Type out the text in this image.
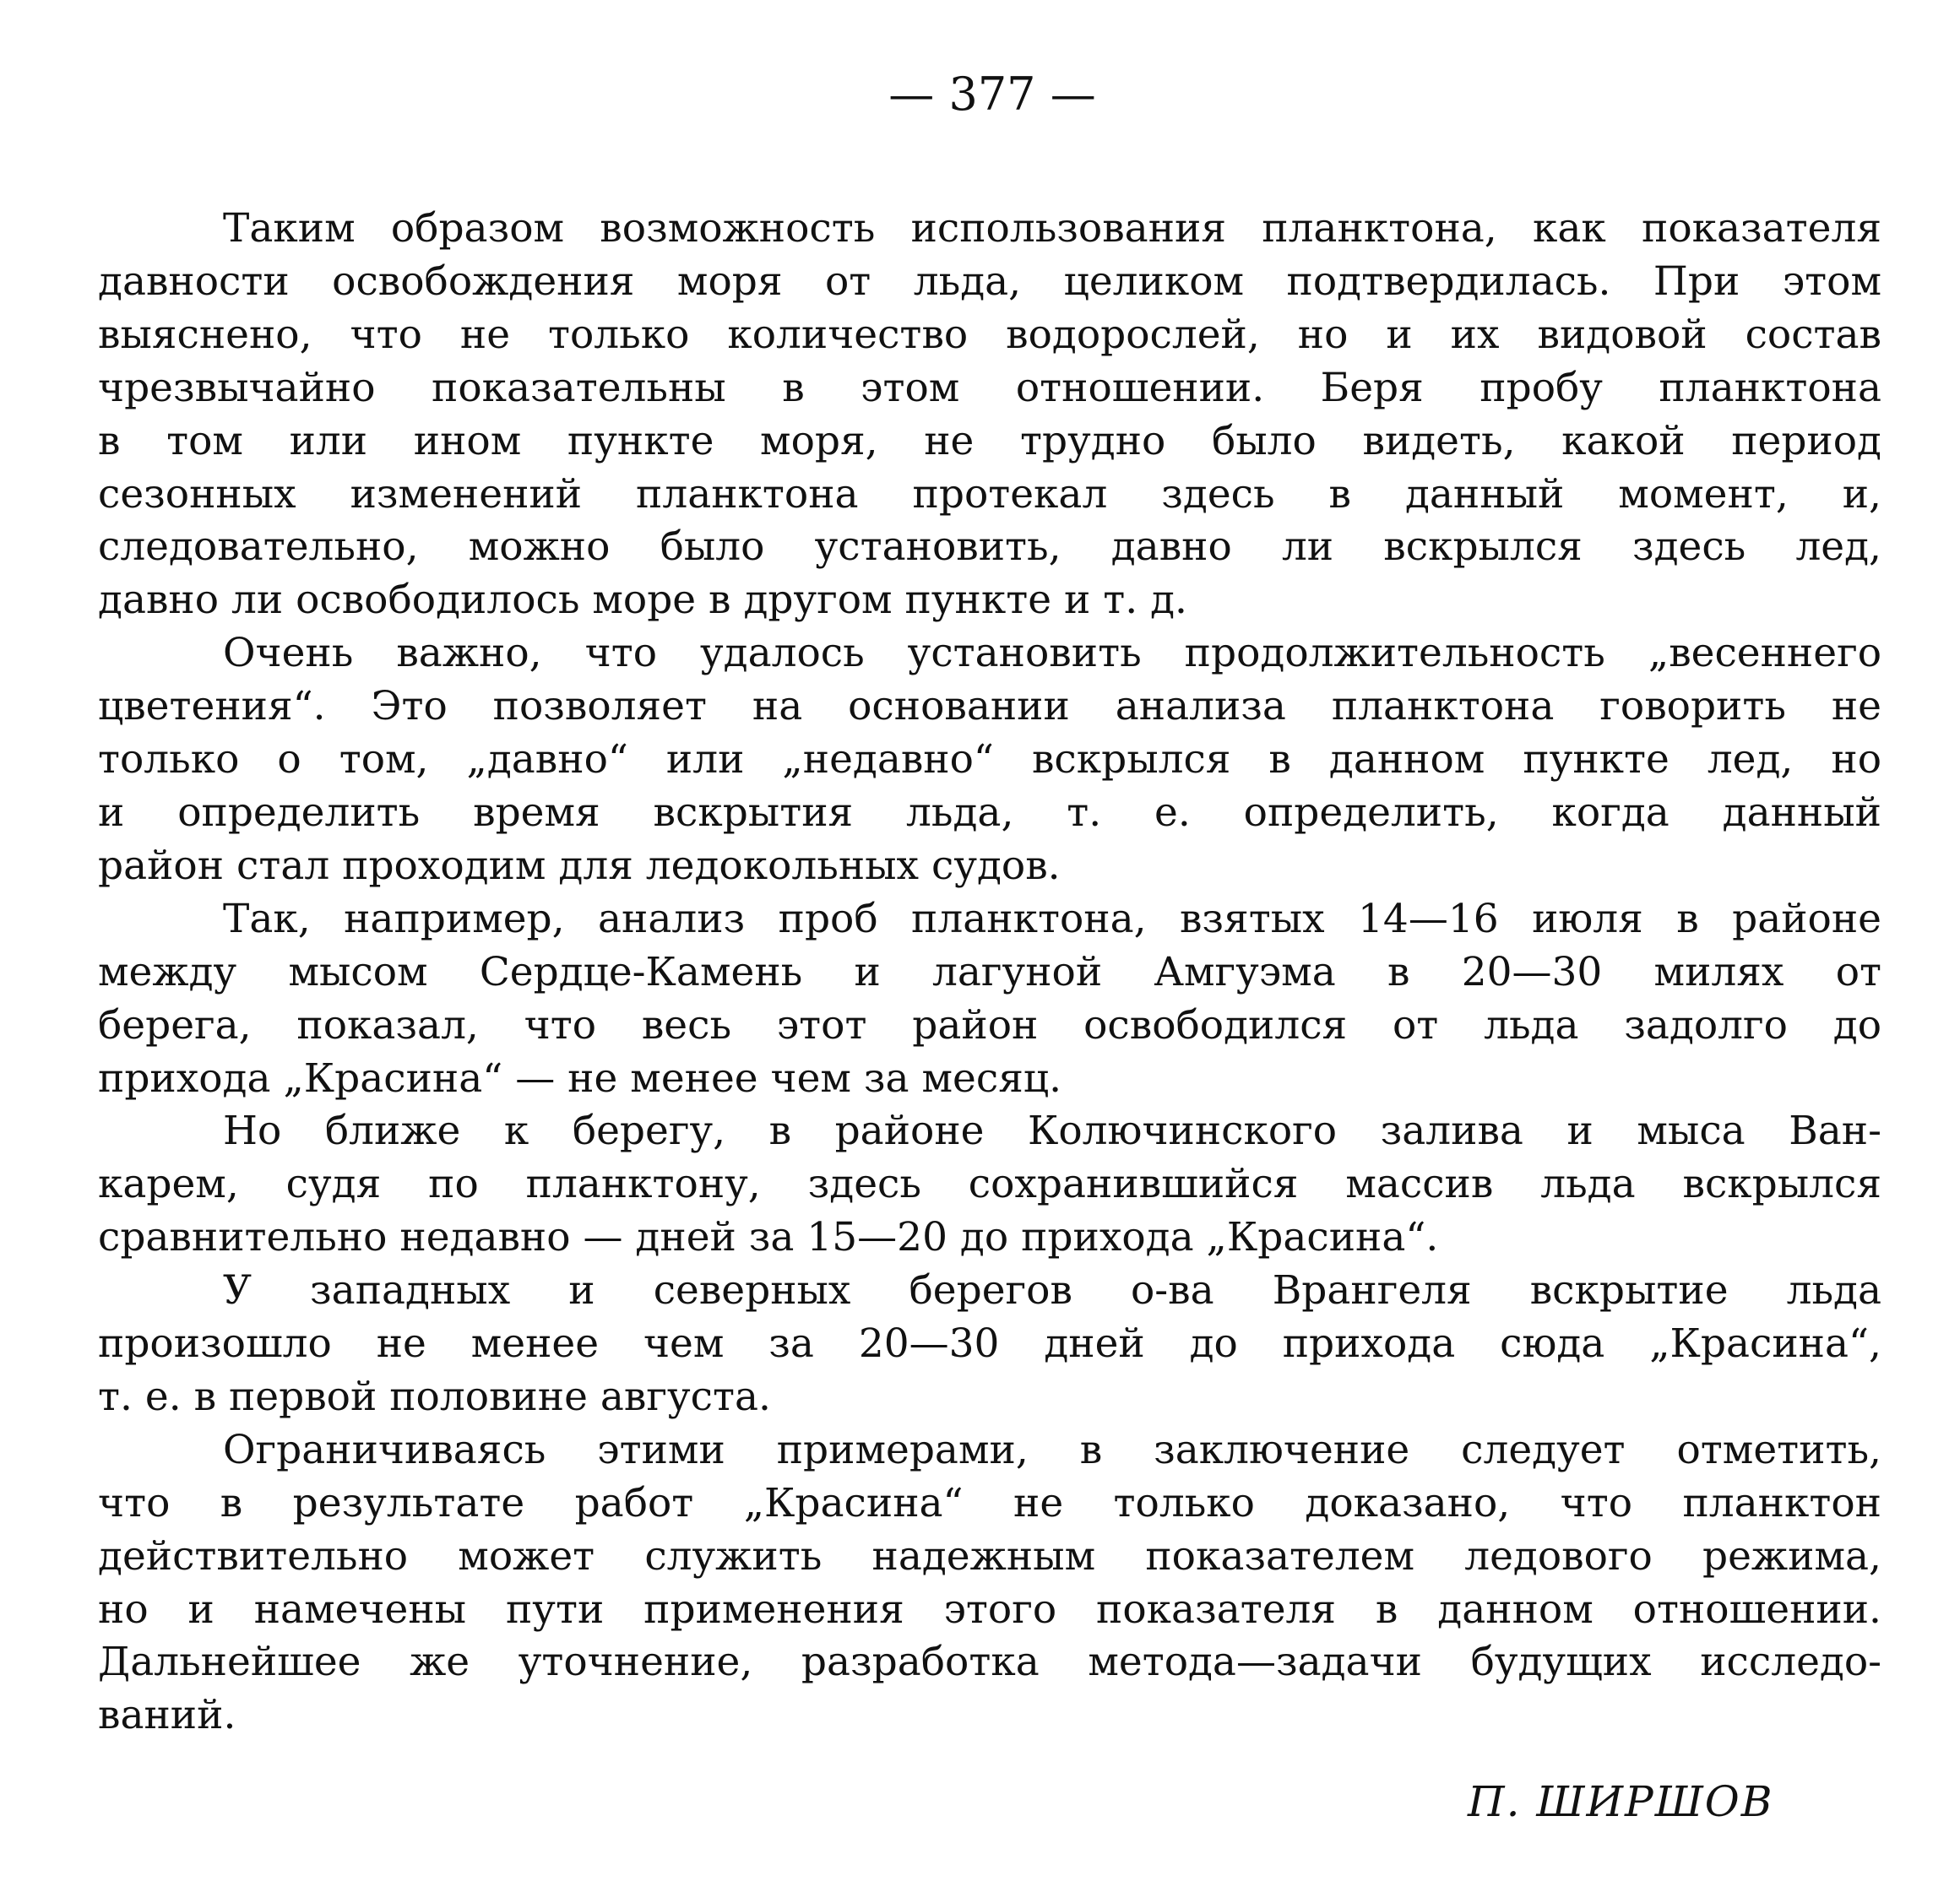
— 377 —
Таким образом возможность использования планктона, как показателя
давности освобождения моря от льда, целиком подтвердилась. При этом
выяснено, что не только количество водорослей, но и их видовой состав
чрезвычайно показательны в этом отношении. Беря пробу планктона
в том или ином пункте моря, не трудно было видеть, какой период
сезонных изменений планктона протекал здесь в данный момент, и,
следовательно, можно было установить, давно ли вскрылся здесь лед,
давно ли освободилось море в другом пункте и т. д.
Очень важно, что удалось установить продолжительность „весеннего
цветения“. Это позволяет на основании анализа планктона говорить не
только о том, „давно“ или „недавно“ вскрылся в данном пункте лед, но
и определить время вскрытия льда, т. е. определить, когда данный
район стал проходим для ледокольных судов.
Так, например, анализ проб планктона, взятых 14—16 июля в районе
между мысом Сердце-Камень и лагуной Амгуэма в 20—30 милях от
берега, показал, что весь этот район освободился от льда задолго до
прихода „Красина“ — не менее чем за месяц.
Но ближе к берегу, в районе Колючинского залива и мыса Ван-
карем, судя по планктону, здесь сохранившийся массив льда вскрылся
сравнительно недавно — дней за 15—20 до прихода „Красина“.
У западных и северных берегов о-ва Врангеля вскрытие льда
произошло не менее чем за 20—30 дней до прихода сюда „Красина“,
т. е. в первой половине августа.
Ограничиваясь этими примерами, в заключение следует отметить,
что в результате работ „Красина“ не только доказано, что планктон
действительно может служить надежным показателем ледового режима,
но и намечены пути применения этого показателя в данном отношении.
Дальнейшее же уточнение, разработка метода—задачи будущих исследо-
ваний.
П. ШИРШОВ
